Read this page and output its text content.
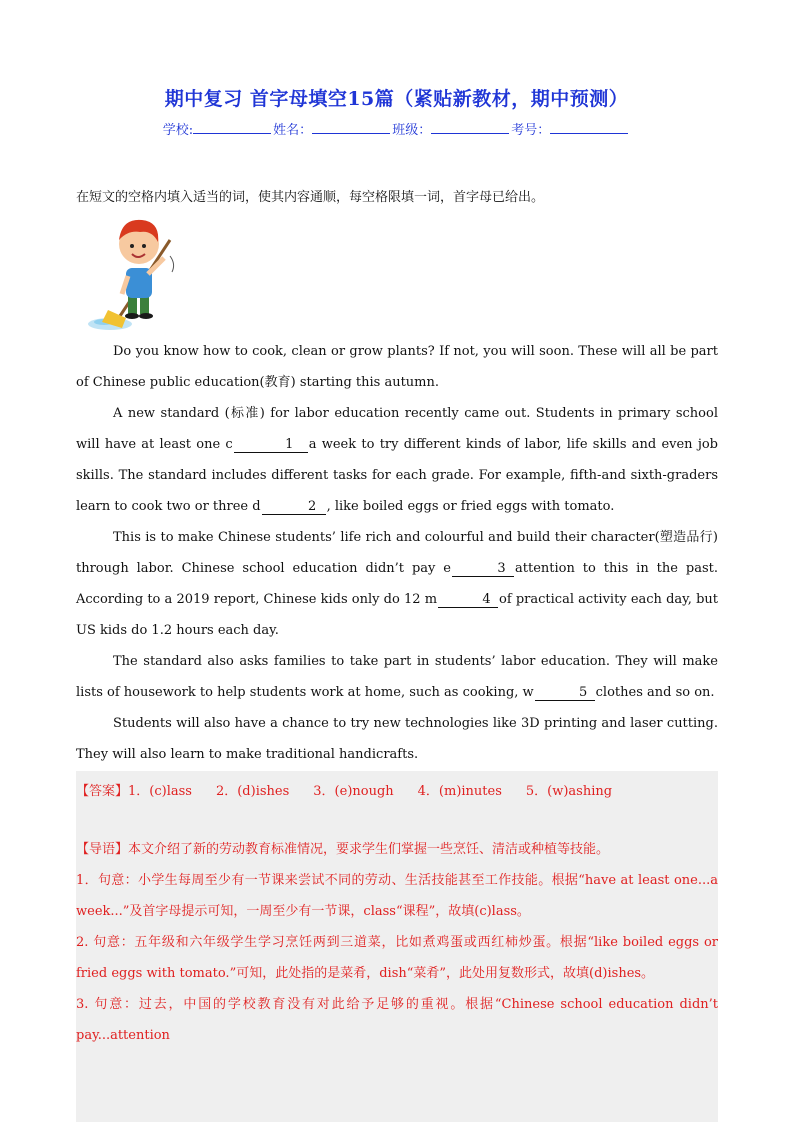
期中复习 首字母填空15篇（紧贴新教材，期中预测）
学校:	姓名：	班级：	考号：
在短文的空格内填入适当的词，使其内容通顺，每空格限填一词，首字母已给出。

Do you know how to cook, clean or grow plants? If not, you will soon. These will all be part of Chinese public education(教育) starting this autumn.

A new standard (标准) for labor education recently came out. Students in primary school will have at least one c	1 a week to try different kinds of labor, life skills and even job skills. The standard includes different tasks for each grade. For example, fifth-and sixth-graders learn to cook two or three d	2 , like boiled eggs or fried eggs with tomato.

This is to make Chinese students’ life rich and colourful and build their character(塑造品行) through labor. Chinese school education didn’t pay e	3 attention to this in the past. According to a 2019 report, Chinese kids only do 12 m	4 of practical activity each day, but US kids do 1.2 hours each day.

The standard also asks families to take part in students’ labor education. They will make lists of housework to help students work at home, such as cooking, w	5 clothes and so on.

Students will also have a chance to try new technologies like 3D printing and laser cutting. They will also learn to make traditional handicrafts.

【答案】1．(c)lass 2．(d)ishes 3．(e)nough 4．(m)inutes 5．(w)ashing

【导语】本文介绍了新的劳动教育标准情况，要求学生们掌握一些烹饪、清洁或种植等技能。

1．句意：小学生每周至少有一节课来尝试不同的劳动、生活技能甚至工作技能。根据“have at least one...a week...”及首字母提示可知，一周至少有一节课，class“课程”，故填(c)lass。

2. 句意：五年级和六年级学生学习烹饪两到三道菜，比如煮鸡蛋或西红柿炒蛋。根据“like boiled eggs or fried eggs with tomato.”可知，此处指的是菜肴，dish“菜肴”，此处用复数形式，故填(d)ishes。

3. 句意：过去，中国的学校教育没有对此给予足够的重视。根据“Chinese school education didn’t pay...attention
